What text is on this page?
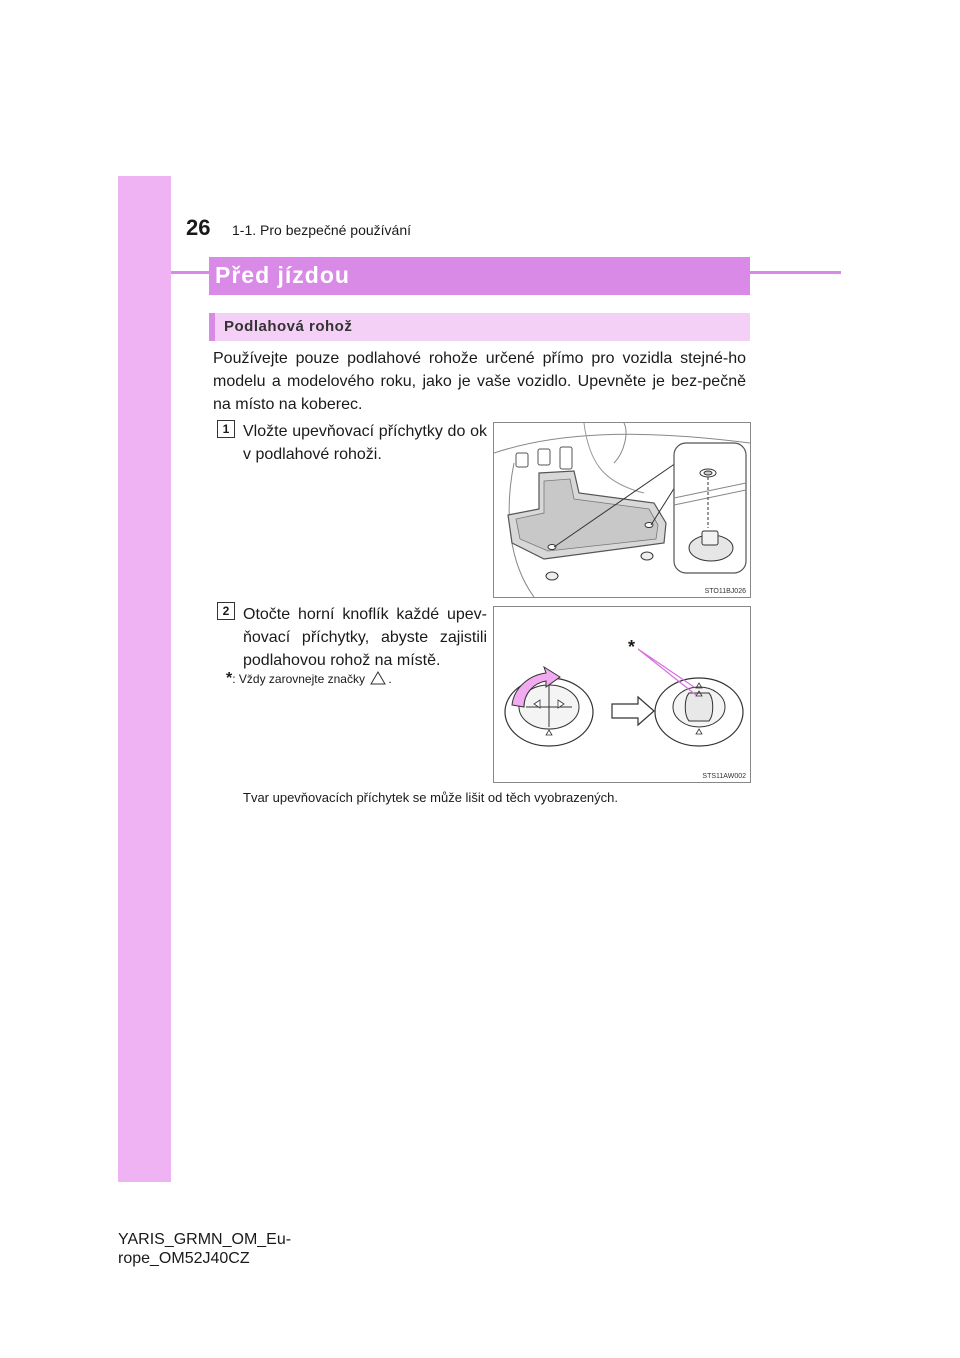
26 1-1. Pro bezpečné používání
Před jízdou
Podlahová rohož
Používejte pouze podlahové rohože určené přímo pro vozidla stejné-ho modelu a modelového roku, jako je vaše vozidlo. Upevněte je bez-pečně na místo na koberec.
1 Vložte upevňovací příchytky do ok v podlahové rohoži.
STO11BJ026
2 Otočte horní knoflík každé upev-ňovací příchytky, abyste zajistili podlahovou rohož na místě.
*: Vždy zarovnejte značky .
*
STS11AW002
Tvar upevňovacích příchytek se může lišit od těch vyobrazených.
YARIS_GRMN_OM_Eu-
rope_OM52J40CZ
